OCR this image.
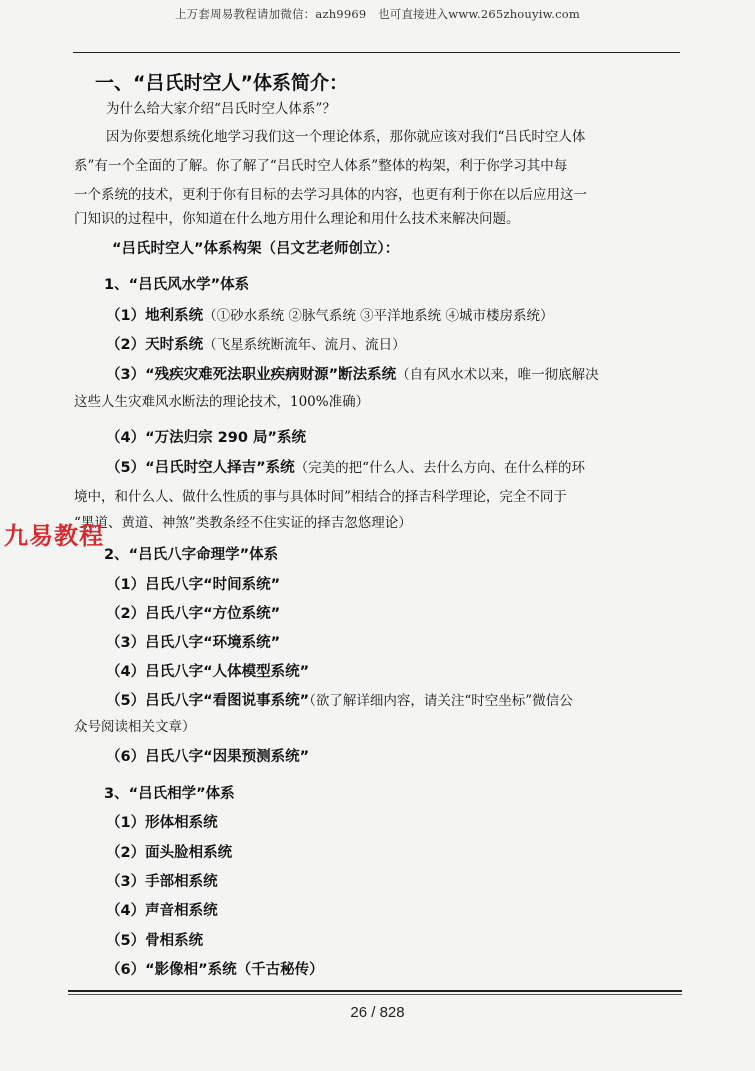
上万套周易教程请加微信：azh9969　也可直接进入www.265zhouyiw.com
一、“吕氏时空人”体系简介：
为什么给大家介绍“吕氏时空人体系”？
因为你要想系统化地学习我们这一个理论体系，那你就应该对我们“吕氏时空人体
系”有一个全面的了解。你了解了“吕氏时空人体系”整体的构架，利于你学习其中每
一个系统的技术，更利于你有目标的去学习具体的内容，也更有利于你在以后应用这一
门知识的过程中，你知道在什么地方用什么理论和用什么技术来解决问题。
“吕氏时空人”体系构架（吕文艺老师创立）：
1、“吕氏风水学”体系
（1）地利系统（①砂水系统 ②脉气系统 ③平洋地系统 ④城市楼房系统）
（2）天时系统（飞星系统断流年、流月、流日）
（3）“残疾灾难死法职业疾病财源”断法系统（自有风水术以来，唯一彻底解决
这些人生灾难风水断法的理论技术，100%准确）
（4）“万法归宗 290 局”系统
（5）“吕氏时空人择吉”系统（完美的把“什么人、去什么方向、在什么样的环
境中，和什么人、做什么性质的事与具体时间”相结合的择吉科学理论，完全不同于
“黑道、黄道、神煞”类教条经不住实证的择吉忽悠理论）
九易教程
2、“吕氏八字命理学”体系
（1）吕氏八字“时间系统”
（2）吕氏八字“方位系统”
（3）吕氏八字“环境系统”
（4）吕氏八字“人体模型系统”
（5）吕氏八字“看图说事系统”（欲了解详细内容，请关注“时空坐标”微信公
众号阅读相关文章）
（6）吕氏八字“因果预测系统”
3、“吕氏相学”体系
（1）形体相系统
（2）面头脸相系统
（3）手部相系统
（4）声音相系统
（5）骨相系统
（6）“影像相”系统（千古秘传）
26 / 828
